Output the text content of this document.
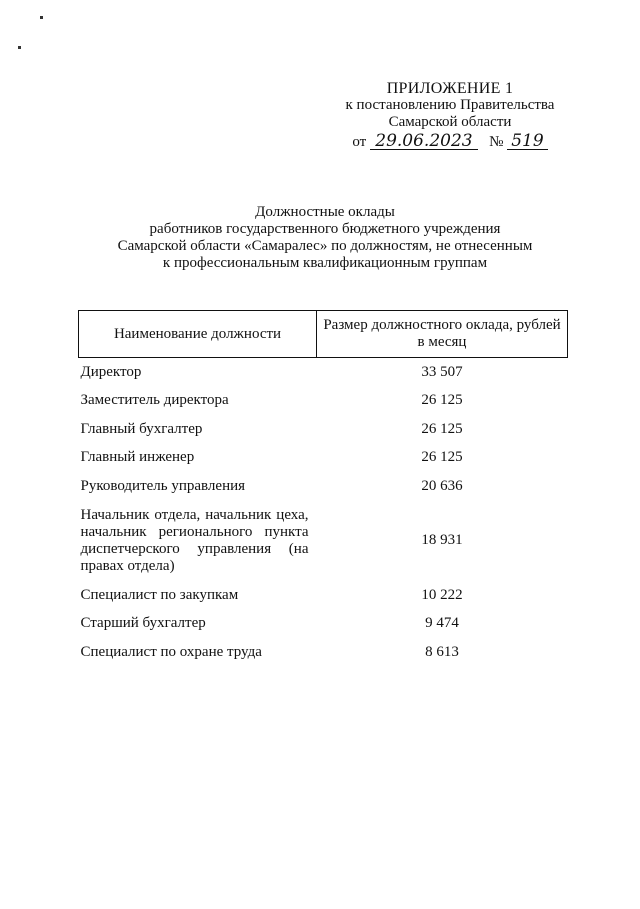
ПРИЛОЖЕНИЕ 1
к постановлению Правительства
Самарской области
от 29.06.2023 № 519
Должностные оклады
работников государственного бюджетного учреждения
Самарской области «Самаралес» по должностям, не отнесенным
к профессиональным квалификационным группам
Наименование должности	Размер должностного оклада, рублей в месяц
Директор	33 507
Заместитель директора	26 125
Главный бухгалтер	26 125
Главный инженер	26 125
Руководитель управления	20 636
Начальник отдела, начальник цеха, начальник регионального пункта диспетчерского управления (на правах отдела)	18 931
Специалист по закупкам	10 222
Старший бухгалтер	9 474
Специалист по охране труда	8 613
